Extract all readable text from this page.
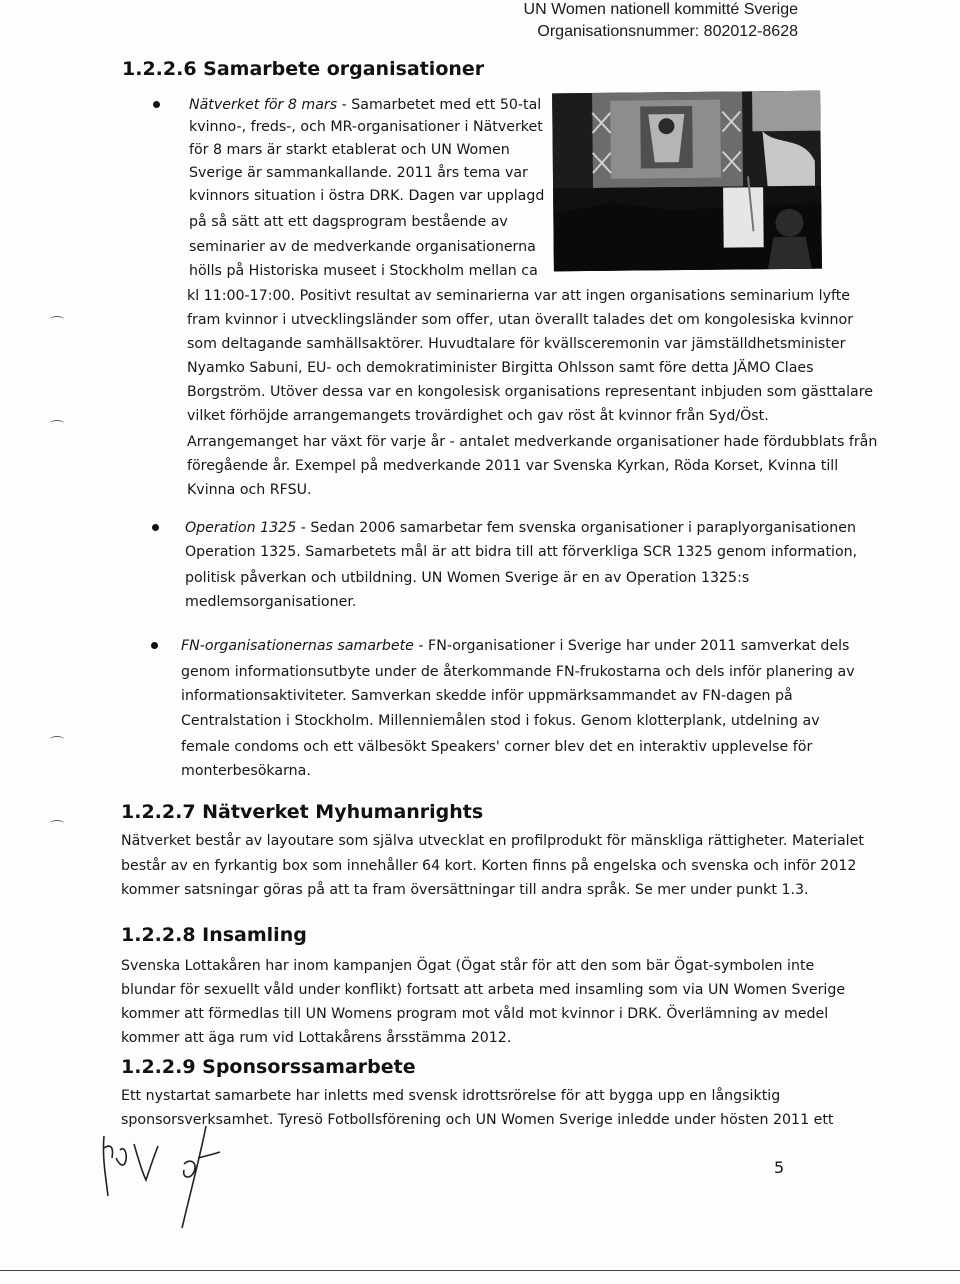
UN Women nationell kommitté Sverige
Organisationsnummer: 802012-8628
1.2.2.6 Samarbete organisationer
Nätverket för 8 mars - Samarbetet med ett 50-tal
kvinno-, freds-, och MR-organisationer i Nätverket
för 8 mars är starkt etablerat och UN Women
Sverige är sammankallande. 2011 års tema var
kvinnors situation i östra DRK. Dagen var upplagd
på så sätt att ett dagsprogram bestående av
seminarier av de medverkande organisationerna
hölls på Historiska museet i Stockholm mellan ca
kl 11:00-17:00. Positivt resultat av seminarierna var att ingen organisations seminarium lyfte
fram kvinnor i utvecklingsländer som offer, utan överallt talades det om kongolesiska kvinnor
som deltagande samhällsaktörer. Huvudtalare för kvällsceremonin var jämställdhetsminister
Nyamko Sabuni, EU- och demokratiminister Birgitta Ohlsson samt före detta JÄMO Claes
Borgström. Utöver dessa var en kongolesisk organisations representant inbjuden som gästtalare
vilket förhöjde arrangemangets trovärdighet och gav röst åt kvinnor från Syd/Öst.
Arrangemanget har växt för varje år - antalet medverkande organisationer hade fördubblats från
föregående år. Exempel på medverkande 2011 var Svenska Kyrkan, Röda Korset, Kvinna till
Kvinna och RFSU.
Operation 1325 - Sedan 2006 samarbetar fem svenska organisationer i paraplyorganisationen
Operation 1325. Samarbetets mål är att bidra till att förverkliga SCR 1325 genom information,
politisk påverkan och utbildning. UN Women Sverige är en av Operation 1325:s
medlemsorganisationer.
FN-organisationernas samarbete - FN-organisationer i Sverige har under 2011 samverkat dels
genom informationsutbyte under de återkommande FN-frukostarna och dels inför planering av
informationsaktiviteter. Samverkan skedde inför uppmärksammandet av FN-dagen på
Centralstation i Stockholm. Millenniemålen stod i fokus. Genom klotterplank, utdelning av
female condoms och ett välbesökt Speakers' corner blev det en interaktiv upplevelse för
monterbesökarna.
1.2.2.7 Nätverket Myhumanrights
Nätverket består av layoutare som själva utvecklat en profilprodukt för mänskliga rättigheter. Materialet
består av en fyrkantig box som innehåller 64 kort. Korten finns på engelska och svenska och inför 2012
kommer satsningar göras på att ta fram översättningar till andra språk. Se mer under punkt 1.3.
1.2.2.8 Insamling
Svenska Lottakåren har inom kampanjen Ögat (Ögat står för att den som bär Ögat-symbolen inte
blundar för sexuellt våld under konflikt) fortsatt att arbeta med insamling som via UN Women Sverige
kommer att förmedlas till UN Womens program mot våld mot kvinnor i DRK. Överlämning av medel
kommer att äga rum vid Lottakårens årsstämma 2012.
1.2.2.9 Sponsorssamarbete
Ett nystartat samarbete har inletts med svensk idrottsrörelse för att bygga upp en långsiktig
sponsorsverksamhet. Tyresö Fotbollsförening och UN Women Sverige inledde under hösten 2011 ett
5
